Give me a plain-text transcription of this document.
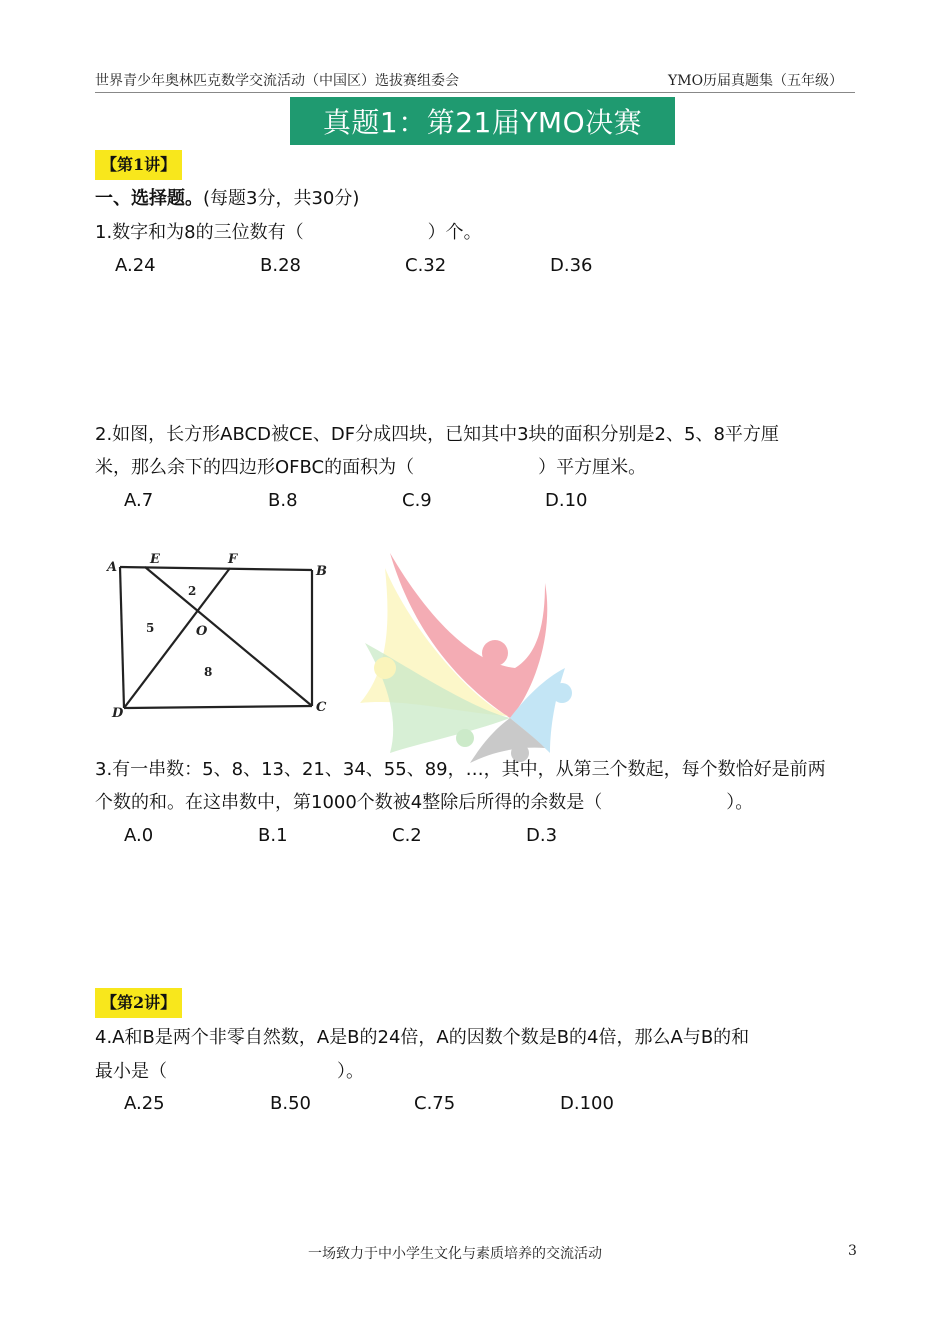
世界青少年奥林匹克数学交流活动（中国区）选拔赛组委会	YMO历届真题集（五年级）
真题1：第21届YMO决赛
【第1讲】
一、选择题。(每题3分，共30分)
1.数字和为8的三位数有（	）个。
A.24	B.28	C.32	D.36
2.如图，长方形ABCD被CE、DF分成四块，已知其中3块的面积分别是2、5、8平方厘
米，那么余下的四边形OFBC的面积为（	）平方厘米。
A.7	B.8	C.9	D.10
A
E	F
B
D	C
O
2
5
8
3.有一串数：5、8、13、21、34、55、89，…，其中，从第三个数起，每个数恰好是前两
个数的和。在这串数中，第1000个数被4整除后所得的余数是（	）。
A.0	B.1	C.2	D.3
【第2讲】
4.A和B是两个非零自然数，A是B的24倍，A的因数个数是B的4倍，那么A与B的和
最小是（	）。
A.25	B.50	C.75	D.100
一场致力于中小学生文化与素质培养的交流活动	3
